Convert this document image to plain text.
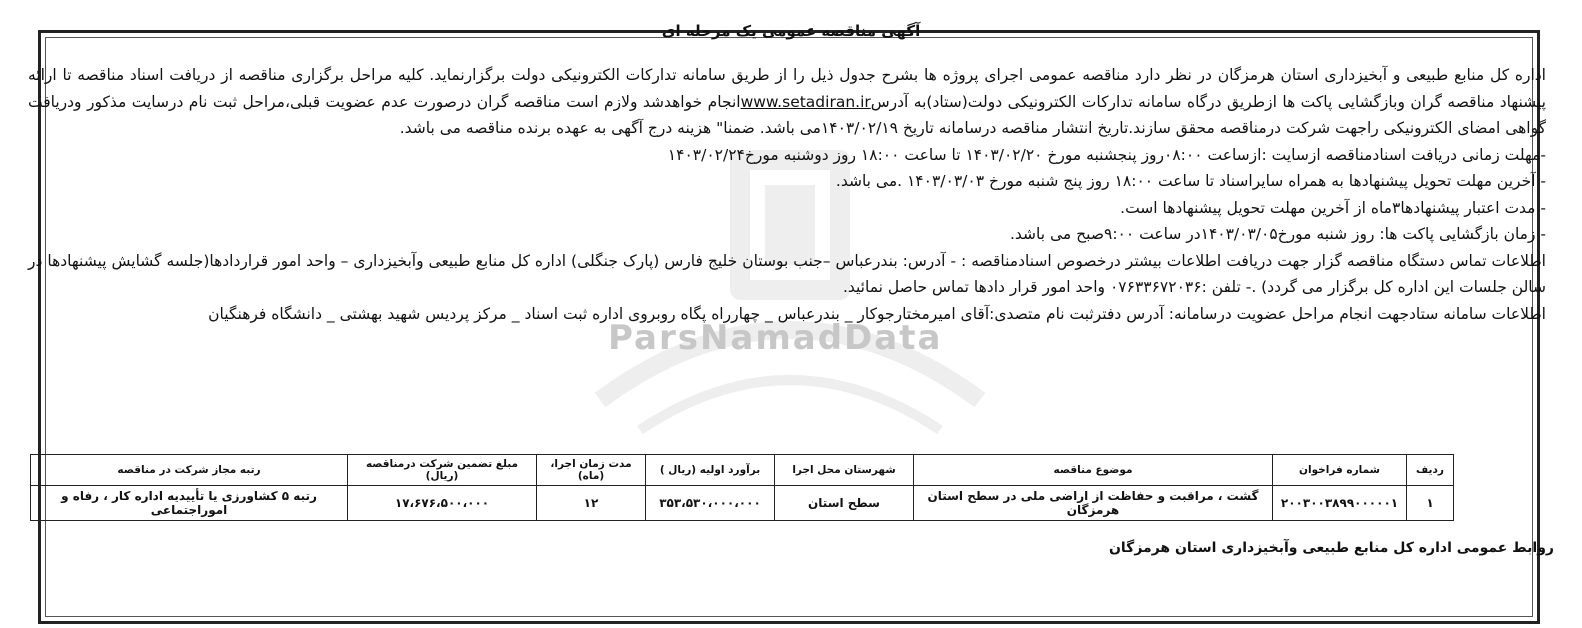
ParsNamadData
آگهی مناقصه عمومی یک مرحله ای

اداره کل منابع طبیعی و آبخیزداری استان هرمزگان در نظر دارد مناقصه عمومی اجرای پروژه ها بشرح جدول ذیل را از طریق سامانه تدارکات الکترونیکی دولت برگزارنماید. کلیه مراحل برگزاری مناقصه از دریافت اسناد مناقصه تا ارائه پیشنهاد مناقصه گران وبازگشایی پاکت ها ازطریق درگاه سامانه تدارکات الکترونیکی دولت(ستاد)به آدرسwww.setadiran.irانجام خواهدشد ولازم است مناقصه گران درصورت عدم عضویت قبلی،مراحل ثبت نام درسایت مذکور ودریافت گواهی امضای الکترونیکی راجهت شرکت درمناقصه محقق سازند.تاریخ انتشار مناقصه درسامانه تاریخ ۱۴۰۳/۰۲/۱۹می باشد. ضمنا" هزینه درج آگهی به عهده برنده مناقصه می باشد.

-مهلت زمانی دریافت اسنادمناقصه ازسایت :ازساعت ۰۸:۰۰روز پنجشنبه مورخ ۱۴۰۳/۰۲/۲۰ تا ساعت ۱۸:۰۰ روز دوشنبه مورخ۱۴۰۳/۰۲/۲۴

- آخرین مهلت تحویل پیشنهادها به همراه سایراسناد تا ساعت ۱۸:۰۰ روز پنج شنبه مورخ ۱۴۰۳/۰۳/۰۳ .می باشد.

- مدت اعتبار پیشنهادها۳ماه از آخرین مهلت تحویل پیشنهادها است.

- زمان بازگشایی پاکت ها: روز شنبه مورخ۱۴۰۳/۰۳/۰۵در ساعت ۹:۰۰صبح می باشد.

اطلاعات تماس دستگاه مناقصه گزار جهت دریافت اطلاعات بیشتر درخصوص اسنادمناقصه : - آدرس: بندرعباس –جنب بوستان خلیج فارس (پارک جنگلی) اداره کل منابع طبیعی وآبخیزداری – واحد امور قراردادها(جلسه گشایش پیشنهادها در سالن جلسات این اداره کل برگزار می گردد) .- تلفن :۰۷۶۳۳۶۷۲۰۳۶ واحد امور قرار دادها تماس حاصل نمائید.

اطلاعات سامانه ستادجهت انجام مراحل عضویت درسامانه: آدرس دفترثبت نام متصدی:آقای امیرمختارجوکار _ بندرعباس _ چهارراه پگاه روبروی اداره ثبت اسناد _ مرکز پردیس شهید بهشتی _ دانشگاه فرهنگیان

ردیف	شماره فراخوان	موضوع مناقصه	شهرستان محل اجرا	برآورد اولیه (ریال )	مدت زمان اجرا، (ماه)	مبلغ تضمین شرکت درمناقصه (ریال)	رتبه مجاز شرکت در مناقصه
۱	۲۰۰۳۰۰۳۸۹۹۰۰۰۰۰۱	گشت ، مراقبت و حفاظت از اراضی ملی در سطح استان هرمزگان	سطح استان	۳۵۳،۵۳۰،۰۰۰،۰۰۰	۱۲	۱۷،۶۷۶،۵۰۰،۰۰۰	رتبه ۵ کشاورزی یا تأییدیه اداره کار ، رفاه و اموراجتماعی
روابط عمومی اداره کل منابع طبیعی وآبخیزداری استان هرمزگان
